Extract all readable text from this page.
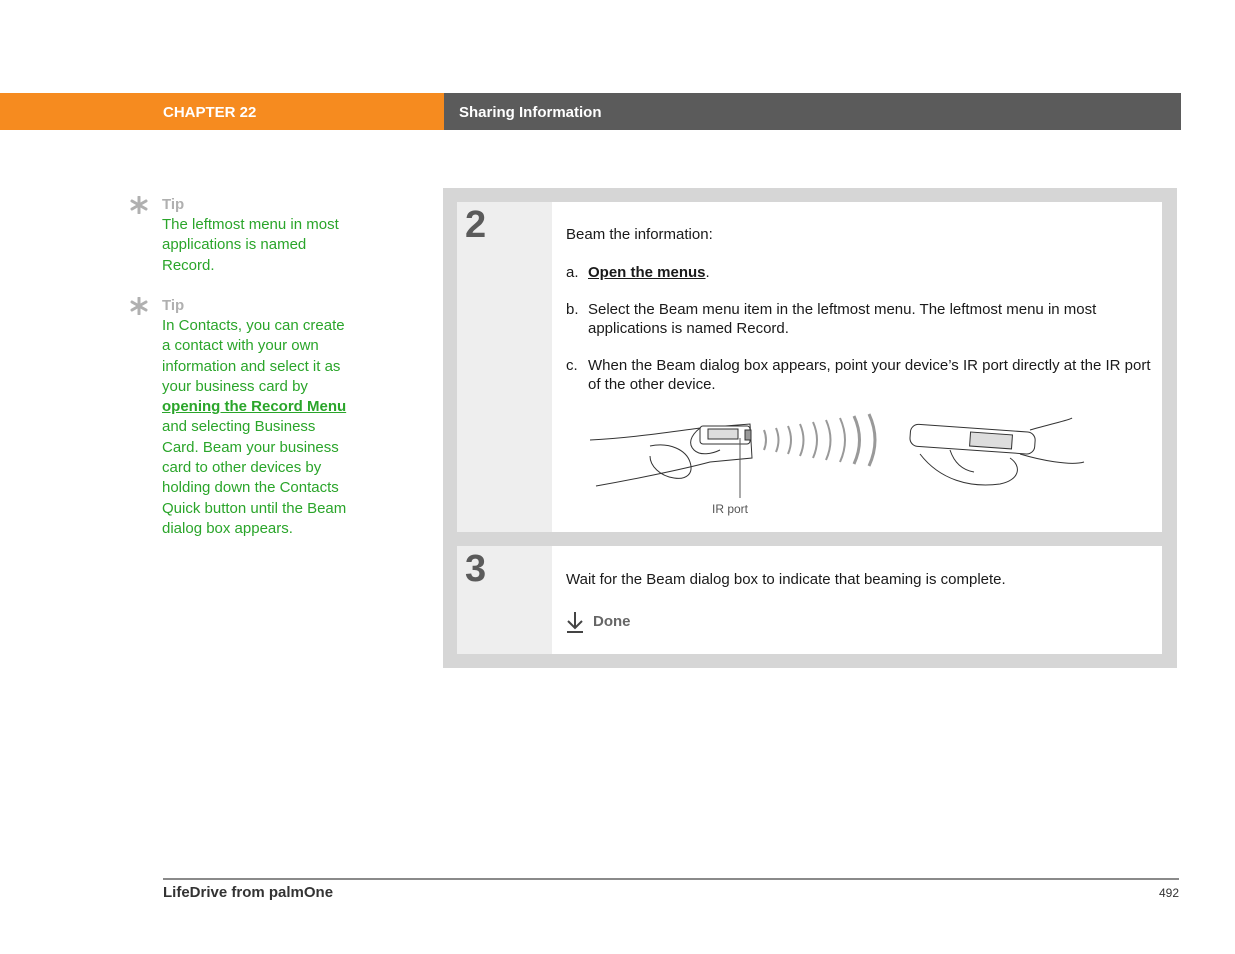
CHAPTER 22	Sharing Information
Tip
The leftmost menu in most applications is named Record.
Tip
In Contacts, you can create a contact with your own information and select it as your business card by opening the Record Menu and selecting Business Card. Beam your business card to other devices by holding down the Contacts Quick button until the Beam dialog box appears.
2	Beam the information:
a. Open the menus.
b. Select the Beam menu item in the leftmost menu. The leftmost menu in most applications is named Record.
c. When the Beam dialog box appears, point your device’s IR port directly at the IR port of the other device.
IR port
3	Wait for the Beam dialog box to indicate that beaming is complete.
Done
LifeDrive from palmOne	492
